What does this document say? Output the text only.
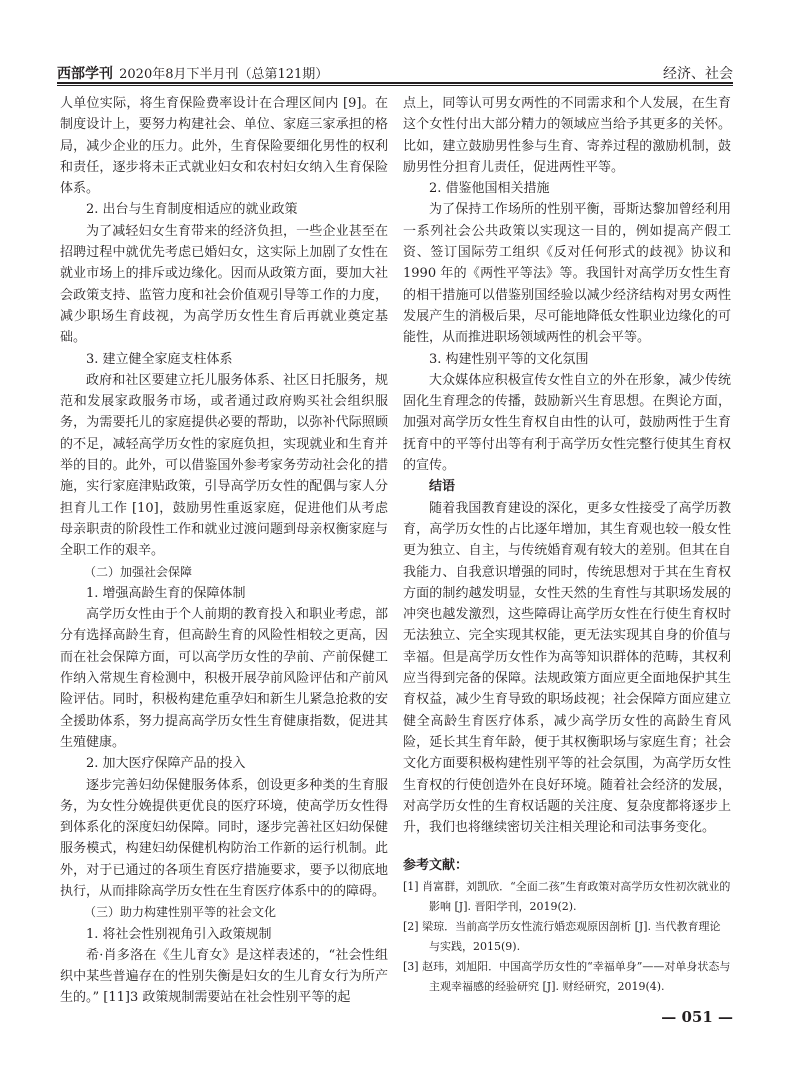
西部学刊 2020年8月下半月刊（总第121期）	经济、社会

人单位实际，将生育保险费率设计在合理区间内 [9]。在制度设计上，要努力构建社会、单位、家庭三家承担的格局，减少企业的压力。此外，生育保险要细化男性的权利和责任，逐步将未正式就业妇女和农村妇女纳入生育保险体系。

2. 出台与生育制度相适应的就业政策

为了减轻妇女生育带来的经济负担，一些企业甚至在招聘过程中就优先考虑已婚妇女，这实际上加剧了女性在就业市场上的排斥或边缘化。因而从政策方面，要加大社会政策支持、监管力度和社会价值观引导等工作的力度，减少职场生育歧视，为高学历女性生育后再就业奠定基础。

3. 建立健全家庭支柱体系

政府和社区要建立托儿服务体系、社区日托服务，规范和发展家政服务市场，或者通过政府购买社会组织服务，为需要托儿的家庭提供必要的帮助，以弥补代际照顾的不足，减轻高学历女性的家庭负担，实现就业和生育并举的目的。此外，可以借鉴国外参考家务劳动社会化的措施，实行家庭津贴政策，引导高学历女性的配偶与家人分担育儿工作 [10]，鼓励男性重返家庭，促进他们从考虑母亲职责的阶段性工作和就业过渡问题到母亲权衡家庭与全职工作的艰辛。

（二）加强社会保障

1. 增强高龄生育的保障体制

高学历女性由于个人前期的教育投入和职业考虑，部分有选择高龄生育，但高龄生育的风险性相较之更高，因而在社会保障方面，可以高学历女性的孕前、产前保健工作纳入常规生育检测中，积极开展孕前风险评估和产前风险评估。同时，积极构建危重孕妇和新生儿紧急抢救的安全援助体系，努力提高高学历女性生育健康指数，促进其生殖健康。

2. 加大医疗保障产品的投入

逐步完善妇幼保健服务体系，创设更多种类的生育服务，为女性分娩提供更优良的医疗环境，使高学历女性得到体系化的深度妇幼保障。同时，逐步完善社区妇幼保健服务模式，构建妇幼保健机构防治工作新的运行机制。此外，对于已通过的各项生育医疗措施要求，要予以彻底地执行，从而排除高学历女性在生育医疗体系中的的障碍。

（三）助力构建性别平等的社会文化

1. 将社会性别视角引入政策规制

希·肖多洛在《生儿育女》是这样表述的，“社会性组织中某些普遍存在的性别失衡是妇女的生儿育女行为所产生的。” [11]3 政策规制需要站在社会性别平等的起

点上，同等认可男女两性的不同需求和个人发展，在生育这个女性付出大部分精力的领域应当给予其更多的关怀。比如，建立鼓励男性参与生育、寄养过程的激励机制，鼓励男性分担育儿责任，促进两性平等。

2. 借鉴他国相关措施

为了保持工作场所的性别平衡，哥斯达黎加曾经利用一系列社会公共政策以实现这一目的，例如提高产假工资、签订国际劳工组织《反对任何形式的歧视》协议和 1990 年的《两性平等法》等。我国针对高学历女性生育的相干措施可以借鉴别国经验以减少经济结构对男女两性发展产生的消极后果，尽可能地降低女性职业边缘化的可能性，从而推进职场领域两性的机会平等。

3. 构建性别平等的文化氛围

大众媒体应积极宣传女性自立的外在形象，减少传统固化生育理念的传播，鼓励新兴生育思想。在舆论方面，加强对高学历女性生育权自由性的认可，鼓励两性于生育抚育中的平等付出等有利于高学历女性完整行使其生育权的宣传。

结语

随着我国教育建设的深化，更多女性接受了高学历教育，高学历女性的占比逐年增加，其生育观也较一般女性更为独立、自主，与传统婚育观有较大的差别。但其在自我能力、自我意识增强的同时，传统思想对于其在生育权方面的制约越发明显，女性天然的生育性与其职场发展的冲突也越发激烈，这些障碍让高学历女性在行使生育权时无法独立、完全实现其权能，更无法实现其自身的价值与幸福。但是高学历女性作为高等知识群体的范畴，其权利应当得到完备的保障。法规政策方面应更全面地保护其生育权益，减少生育导致的职场歧视；社会保障方面应建立健全高龄生育医疗体系，减少高学历女性的高龄生育风险，延长其生育年龄，便于其权衡职场与家庭生育；社会文化方面要积极构建性别平等的社会氛围，为高学历女性生育权的行使创造外在良好环境。随着社会经济的发展，对高学历女性的生育权话题的关注度、复杂度都将逐步上升，我们也将继续密切关注相关理论和司法事务变化。

参考文献：

[1] 肖富群，刘凯欣．“全面二孩”生育政策对高学历女性初次就业的影响 [J]. 晋阳学刊，2019(2).

[2] 梁琼．当前高学历女性流行婚恋观原因剖析 [J]. 当代教育理论与实践，2015(9).

[3] 赵玮，刘旭阳．中国高学历女性的“幸福单身”——对单身状态与主观幸福感的经验研究 [J]. 财经研究，2019(4).

— 051 —
